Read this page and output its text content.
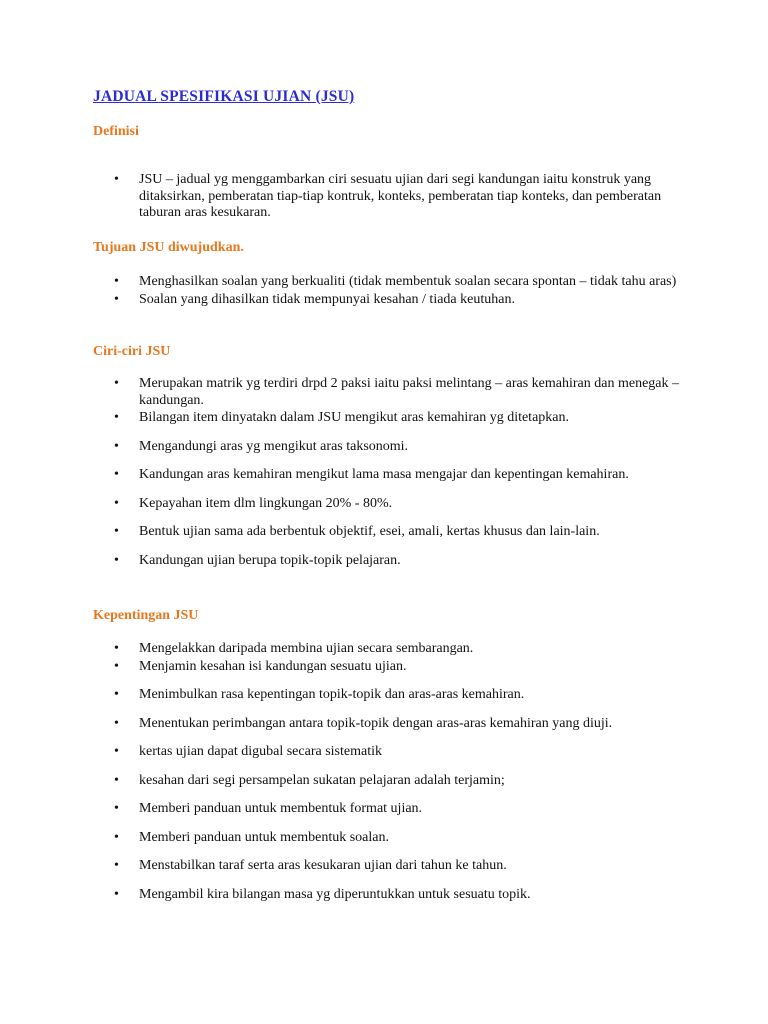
JADUAL SPESIFIKASI UJIAN (JSU)
Definisi
• JSU – jadual yg menggambarkan ciri sesuatu ujian dari segi kandungan iaitu konstruk yang ditaksirkan, pemberatan tiap-tiap kontruk, konteks, pemberatan tiap konteks, dan pemberatan taburan aras kesukaran.
Tujuan JSU diwujudkan.
• Menghasilkan soalan yang berkualiti (tidak membentuk soalan secara spontan – tidak tahu aras)
• Soalan yang dihasilkan tidak mempunyai kesahan / tiada keutuhan.
Ciri-ciri JSU
• Merupakan matrik yg terdiri drpd 2 paksi iaitu paksi melintang – aras kemahiran dan menegak – kandungan.
• Bilangan item dinyatakn dalam JSU mengikut aras kemahiran yg ditetapkan.
• Mengandungi aras yg mengikut aras taksonomi.
• Kandungan aras kemahiran mengikut lama masa mengajar dan kepentingan kemahiran.
• Kepayahan item dlm lingkungan 20% - 80%.
• Bentuk ujian sama ada berbentuk objektif, esei, amali, kertas khusus dan lain-lain.
• Kandungan ujian berupa topik-topik pelajaran.
Kepentingan JSU
• Mengelakkan daripada membina ujian secara sembarangan.
• Menjamin kesahan isi kandungan sesuatu ujian.
• Menimbulkan rasa kepentingan topik-topik dan aras-aras kemahiran.
• Menentukan perimbangan antara topik-topik dengan aras-aras kemahiran yang diuji.
• kertas ujian dapat digubal secara sistematik
• kesahan dari segi persampelan sukatan pelajaran adalah terjamin;
• Memberi panduan untuk membentuk format ujian.
• Memberi panduan untuk membentuk soalan.
• Menstabilkan taraf serta aras kesukaran ujian dari tahun ke tahun.
• Mengambil kira bilangan masa yg diperuntukkan untuk sesuatu topik.
